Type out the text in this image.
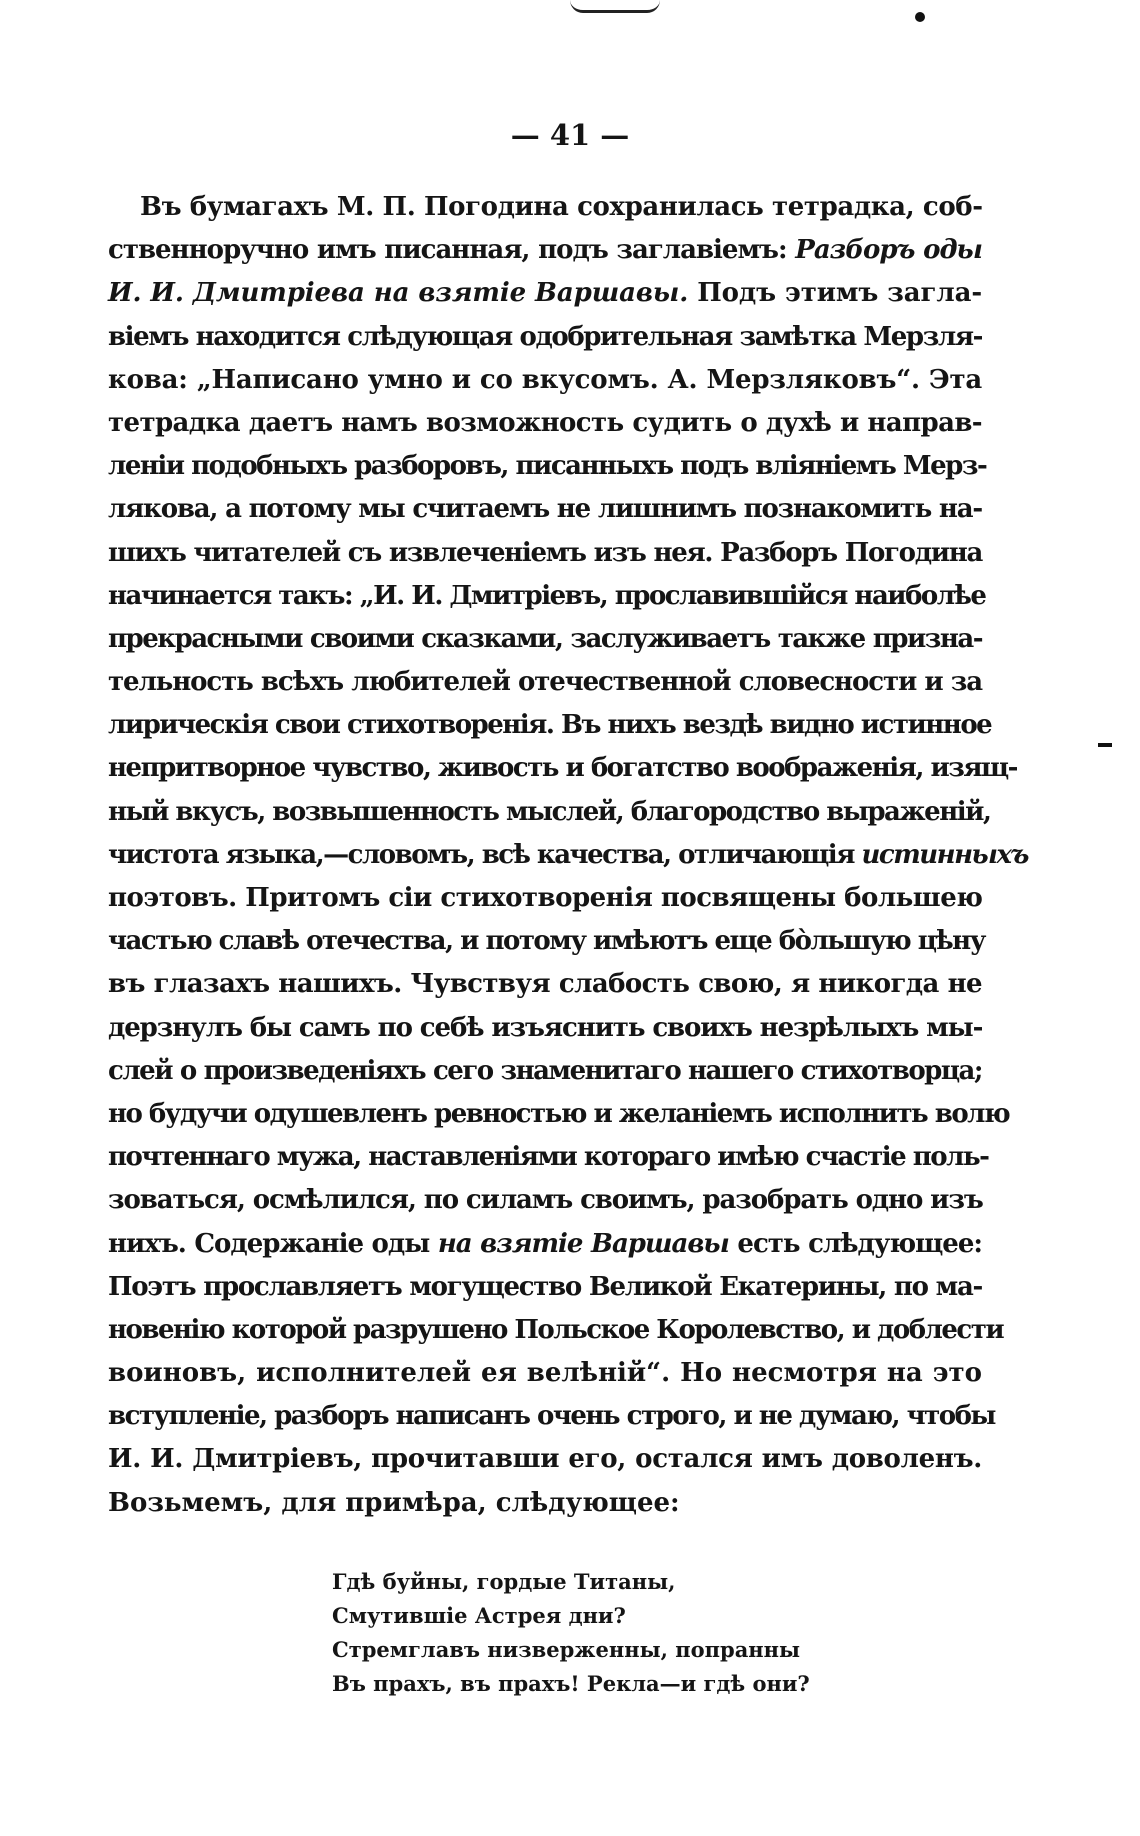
— 41 —
Въ бумагахъ М. П. Погодина сохранилась тетрадка, соб-
ственноручно имъ писанная, подъ заглавіемъ: Разборъ оды
И. И. Дмитріева на взятіе Варшавы. Подъ этимъ загла-
віемъ находится слѣдующая одобрительная замѣтка Мерзля-
кова: „Написано умно и со вкусомъ. А. Мерзляковъ“. Эта
тетрадка даетъ намъ возможность судить о духѣ и направ-
леніи подобныхъ разборовъ, писанныхъ подъ вліяніемъ Мерз-
лякова, а потому мы считаемъ не лишнимъ познакомить на-
шихъ читателей съ извлеченіемъ изъ нея. Разборъ Погодина
начинается такъ: „И. И. Дмитріевъ, прославившійся наиболѣе
прекрасными своими сказками, заслуживаетъ также призна-
тельность всѣхъ любителей отечественной словесности и за
лирическія свои стихотворенія. Въ нихъ вездѣ видно истинное
непритворное чувство, живость и богатство воображенія, изящ-
ный вкусъ, возвышенность мыслей, благородство выраженій,
чистота языка,—словомъ, всѣ качества, отличающія истинныхъ
поэтовъ. Притомъ сіи стихотворенія посвящены большею
частью славѣ отечества, и потому имѣютъ еще бо̀льшую цѣну
въ глазахъ нашихъ. Чувствуя слабость свою, я никогда не
дерзнулъ бы самъ по себѣ изъяснить своихъ незрѣлыхъ мы-
слей о произведеніяхъ сего знаменитаго нашего стихотворца;
но будучи одушевленъ ревностью и желаніемъ исполнить волю
почтеннаго мужа, наставленіями котораго имѣю счастіе поль-
зоваться, осмѣлился, по силамъ своимъ, разобрать одно изъ
нихъ. Содержаніе оды на взятіе Варшавы есть слѣдующее:
Поэтъ прославляетъ могущество Великой Екатерины, по ма-
новенію которой разрушено Польское Королевство, и доблести
воиновъ, исполнителей ея велѣній“. Но несмотря на это
вступленіе, разборъ написанъ очень строго, и не думаю, чтобы
И. И. Дмитріевъ, прочитавши его, остался имъ доволенъ.
Возьмемъ, для примѣра, слѣдующее:
Гдѣ буйны, гордые Титаны,
Смутившіе Астрея дни?
Стремглавъ низверженны, попранны
Въ прахъ, въ прахъ! Рекла—и гдѣ они?
